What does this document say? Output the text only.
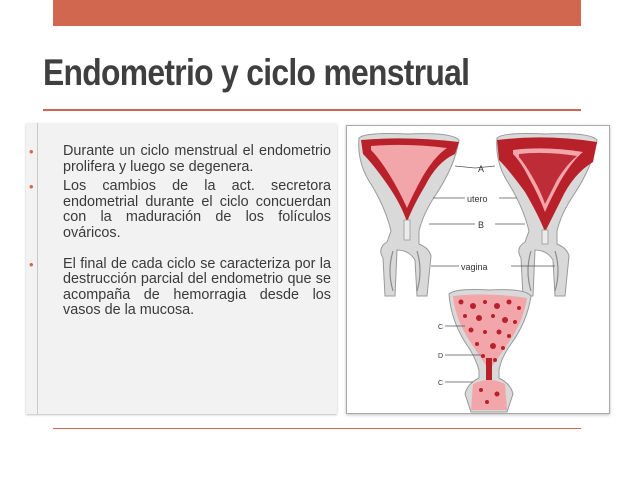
Endometrio y ciclo menstrual
• Durante un ciclo menstrual el endometrio prolifera y luego se degenera.
• Los cambios de la act. secretora endometrial durante el ciclo concuerdan con la maduración de los folículos ováricos.
• El final de cada ciclo se caracteriza por la destrucción parcial del endometrio que se acompaña de hemorragia desde los vasos de la mucosa.
A
utero
B
vagina
C
D
C
